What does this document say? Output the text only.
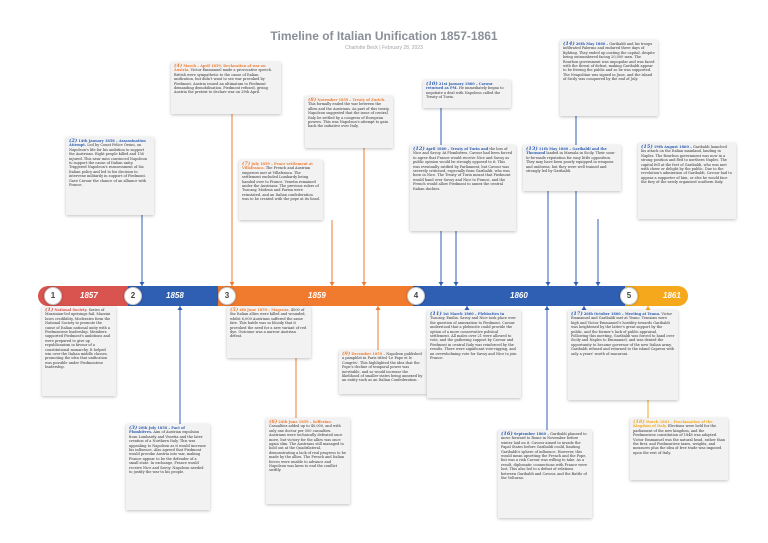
Timeline of Italian Unification 1857-1861
Charlotte Beck | February 28, 2023
1857	1858	1859	1860	1861
1	2	3	4	5
(1) National Society. Series of Mazzinian-led uprisings fail, Mazzini loses credibility. Moderates form the National Society to promote the cause of Italian national unity with a Piedmontese leadership. Members supported Piedmont's ambitions and were prepared to give up republicanism in favour of a constitutional monarchy. It helped win over the Italian middle classes, promoting the idea that unification was possible under Piedmontese leadership.
(2) 14th January 1858 – Assassination Attempt. Led by Count Felice Orsini, on Napoleon's life for his ambition to support the Austrians. Eight people killed and 156 injured. This near miss convinced Napoleon to support the cause of Italian unity. Triggered Napoleon's reassessment of his Italian policy and led to his decision to intervene militarily in support of Piedmont. Gave Cavour the chance of an alliance with France.
(3) 20th July 1858 – Pact of Plombières. Aim of Austrian expulsion from Lombardy and Venetia and the later creation of a Northern Italy. This was appealing to Napoleon as it would increase his influence. Also agreed that Piedmont would provoke Austria into war, making France appear to be the defender of a small state. In exchange, France would receive Nice and Savoy. Napoleon needed to justify the war to his people.
(4) March – April 1859. Declaration of war on Austria. Victor Emmanuel made a provocative speech. British were sympathetic to the cause of Italian unification, but didn't want to see war provoked by Piedmont. Austria issued an ultimatum to Piedmont demanding demobilisation. Piedmont refused, giving Austria the pretext to declare war on 29th April.
(5) 4th June 1859 – Magenta. 4000 of the Italian allies were killed and wounded, whilst 6,000 Austrians suffered the same fate. This battle was so bloody that it provoked the need for a new variant of red dye. Outcome was a narrow Austrian defeat.
(6) 24th June 1859 – Solferino. Casualties added up to 40,000, and with only one doctor per 500 casualties. Austrians were technically defeated once more, but victory for the allies was once again slim. The Austrians still managed to hold out at the Quadrilateral, demonstrating a lack of real progress to be made by the allies. The French and Italian forces were unable to advance and Napoleon was keen to end the conflict swiftly.
(7) July 1859 – Peace settlement at Villafranca. The French and Austrian emperors met at Villafranca. The settlement excluded Lombardy being handed over to France. Venetia remained under the Austrians. The previous rulers of Tuscany, Modena and Parma were reinstated, and an Italian confederation was to be created with the pope at its head.
(8) November 1859 – Treaty of Zurich. This formally ended the war between the allies and the Austrians. As part of this treaty, Napoleon suggested that the issue of central Italy be settled by a congress of European powers. This was Napoleon's attempt to gain back the initiative over Italy.
(9) December 1859 – Napoleon published a pamphlet in Paris titled 'Le Pape et le Congrès'. This highlighted the idea that the Pope's decline of temporal power was inevitable, and so would increase the likelihood of smaller states being annexed by an entity such as an Italian Confederation.
(10) 21st January 1860 – Cavour returned as PM. He immediately began to negotiate a deal with Napoleon called the Treaty of Turin.
(11) 1st March 1860 – Plebiscites in Tuscany, Emilia. Savoy and Nice took place over the question of annexation to Piedmont. Cavour understood that a plebiscite could provide the option of a more conservative political settlement. All males over 21 were allowed to vote, and the gathering support by Cavour and Piedmont in central Italy was reinforced by the results. There were significant vote-rigging, and an overwhelming vote for Savoy and Nice to join France.
(12) April 1860 – Treaty of Turin and the loss of Nice and Savoy. At Plombières, Cavour had been forced to agree that France would receive Nice and Savoy as public opinion would be strongly opposed to it. This was eventually ratified by Parliament, but Cavour was severely criticised, especially from Garibaldi, who was born in Nice. The Treaty of Turin meant that Piedmont would hand over Savoy and Nice to France, and the French would allow Piedmont to annex the central Italian duchies.
(13) 11th May 1860 – Garibaldi and the Thousand landed in Marsala in Sicily. Their soon-to-be-made reputation for easy little opposition. They may have been poorly equipped in weapons and uniforms, but they were well trained and strongly led by Garibaldi.
(14) 26th May 1860 – Garibaldi and his troops infiltrated Palermo and endured three days of fighting. They ended up ousting the capital, despite being outnumbered facing 20,000 men. The Bourbon government was unpopular and was faced with the threat of defeat, making Garibaldi appear to be freeing the public and so he was supported. The Neapolitan was signed in June, and the island of Sicily was conquered by the end of July.
(15) 19th August 1860 – Garibaldi launched his attack on the Italian mainland, landing in Naples. The Bourbon government was now in a strong position and fled to northern Naples. The capital fell at the feet of Garibaldi, who was met with cheer or delight by the public. Due to the revolution's admiration of Garibaldi, Cavour had to appear a supporter of him, or else he would face the fury of the newly organised southern Italy.
(16) September 1860 – Garibaldi planned to move forward to Rome in November before winter laid on it. Cavour aimed to invade the Papal States before Garibaldi could, limiting Garibaldi's sphere of influence. However, this would mean upsetting the French and the Pope, but was a risk Cavour was willing to take. As a result, diplomatic connections with France were lost. This also led to a defeat of relations between Garibaldi and Cavour, and the Battle of the Volturno.
(17) 26th October 1860 – Meeting at Teano. Victor Emmanuel and Garibaldi met at Teano. Tensions were high and Victor Emmanuel's hostility towards Garibaldi was heightened by the latter's great support by the public, and the former's lack of public appraisal. Following this meeting, Garibaldi was forced to hand over Sicily and Naples to Emmanuel, and was denied the opportunity to become governor of the new Italian army. Garibaldi refused and returned to the island Caprera with only a years' worth of macaroni.
(18) March 1861 – Proclamation of the Kingdom of Italy. Elections were held for the parliament of the new kingdom, and the Piedmontese constitution of 1848 was adopted. Victor Emmanuel was the natural head, rather than the first, and Piedmontese taxes, weights, and measures plus the idea of free trade was imposed upon the rest of Italy.
